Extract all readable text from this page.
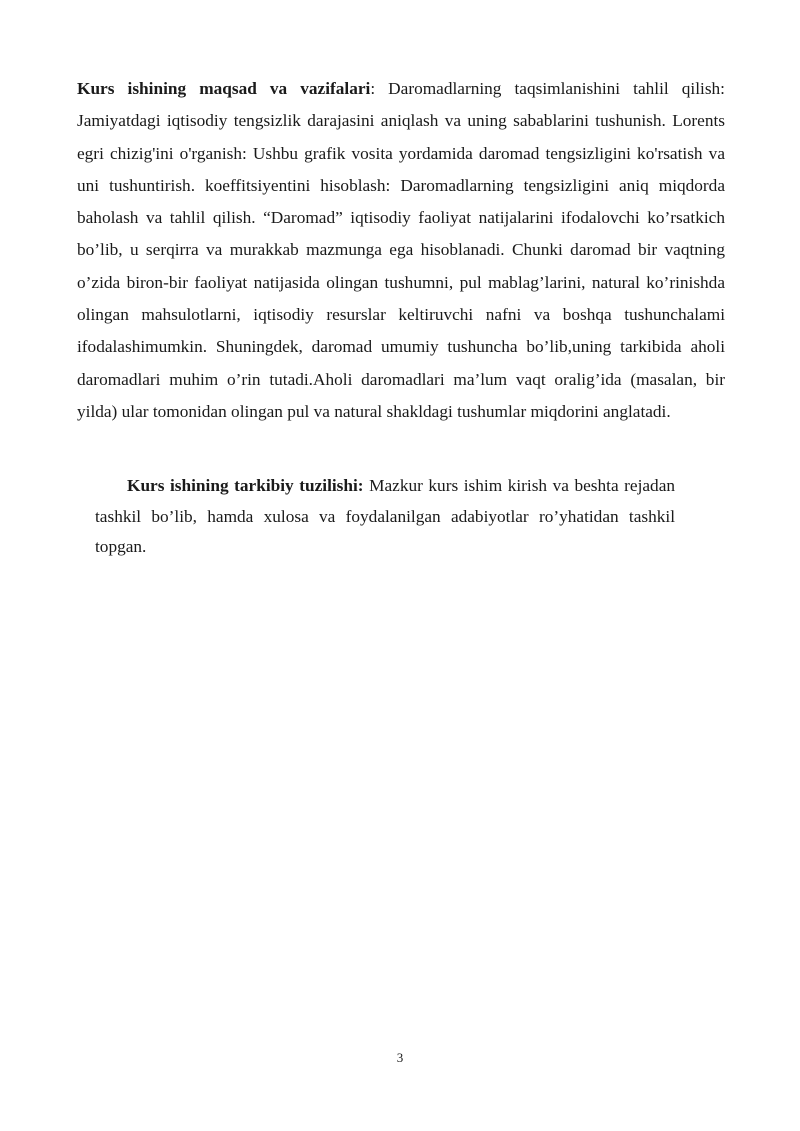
Kurs ishining maqsad va vazifalari: Daromadlarning taqsimlanishini tahlil qilish: Jamiyatdagi iqtisodiy tengsizlik darajasini aniqlash va uning sabablarini tushunish. Lorents egri chizig'ini o'rganish: Ushbu grafik vosita yordamida daromad tengsizligini ko'rsatish va uni tushuntirish. koeffitsiyentini hisoblash: Daromadlarning tengsizligini aniq miqdorda baholash va tahlil qilish. “Daromad” iqtisodiy faoliyat natijalarini ifodalovchi ko’rsatkich bo’lib, u serqirra va murakkab mazmunga ega hisoblanadi. Chunki daromad bir vaqtning o’zida biron-bir faoliyat natijasida olingan tushumni, pul mablag’larini, natural ko’rinishda olingan mahsulotlarni, iqtisodiy resurslar keltiruvchi nafni va boshqa tushunchalami ifodalashimumkin. Shuningdek, daromad umumiy tushuncha bo’lib,uning tarkibida aholi daromadlari muhim o’rin tutadi.Aholi daromadlari ma’lum vaqt oralig’ida (masalan, bir yilda) ular tomonidan olingan pul va natural shakldagi tushumlar miqdorini anglatadi.

Kurs ishining tarkibiy tuzilishi: Mazkur kurs ishim kirish va beshta rejadan tashkil bo’lib, hamda xulosa va foydalanilgan adabiyotlar ro’yhatidan tashkil topgan.

3
